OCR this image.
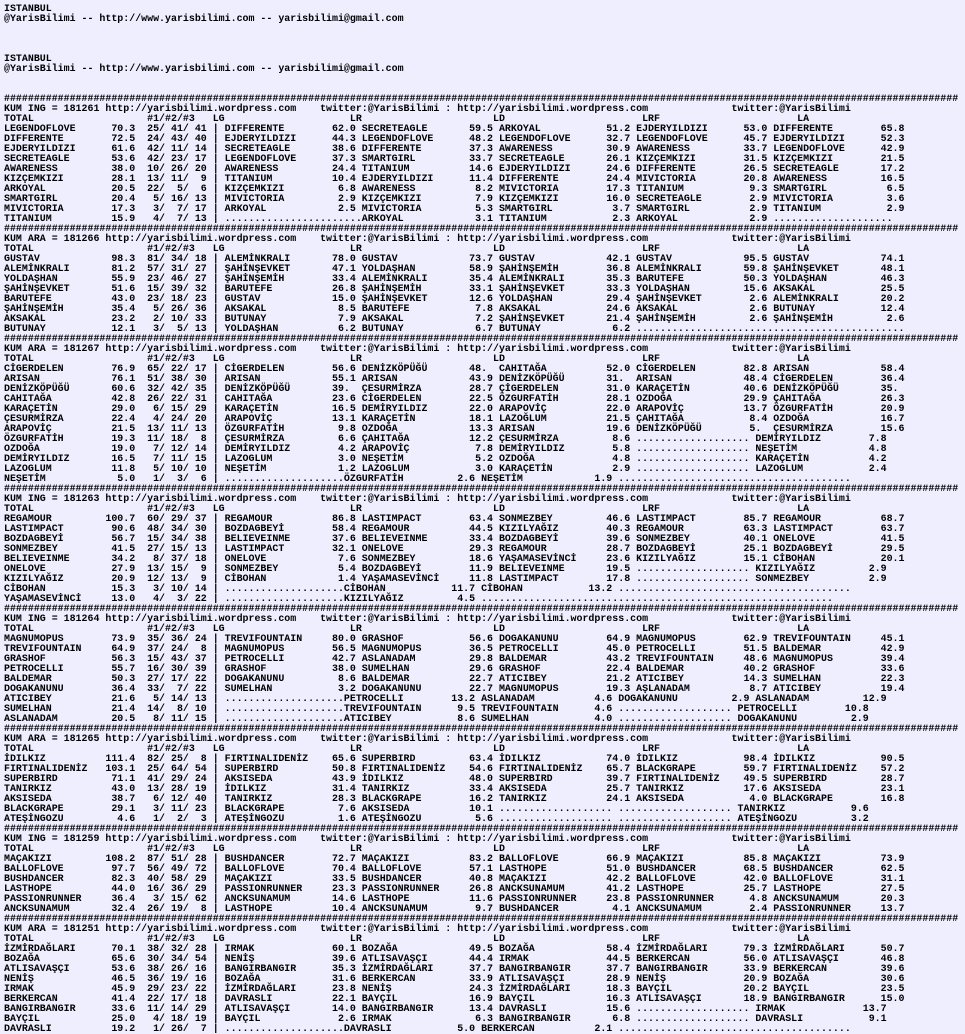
ISTANBUL
@YarisBilimi -- http://www.yarisbilimi.com -- yarisbilimi@gmail.com

ISTANBUL
@YarisBilimi -- http://www.yarisbilimi.com -- yarisbilimi@gmail.com

################################################################################################################################################################
KUM ING = 181261 http://yarisbilimi.wordpress.com    twitter:@YarisBilimi : http://yarisbilimi.wordpress.com              twitter:@YarisBilimi
TOTAL                   #1/#2/#3   LG                     LR                      LD                       LRF                       LA
LEGENDOFLOVE      70.3  25/ 41/ 41 | DIFFERENTE        62.0 SECRETEAGLE       59.5 ARKOYAL           51.2 EJDERYILDIZI      53.0 DIFFERENTE        65.8
DIFFERENTE        72.5  24/ 43/ 40 | EJDERYILDIZI      44.3 LEGENDOFLOVE      48.2 LEGENDOFLOVE      32.7 LEGENDOFLOVE      45.7 EJDERYILDIZI      52.3
EJDERYILDIZI      61.6  42/ 11/ 14 | SECRETEAGLE       38.6 DIFFERENTE        37.3 AWARENESS         30.9 AWARENESS         33.7 LEGENDOFLOVE      42.9
SECRETEAGLE       53.6  42/ 23/ 17 | LEGENDOFLOVE      37.3 SMARTGIRL         33.7 SECRETEAGLE       26.1 KIZÇEMKIZI        31.5 KIZÇEMKIZI        21.5
AWARENESS         38.0  10/ 26/ 20 | AWARENESS         24.4 TITANIUM          14.6 EJDERYILDIZI      24.6 DIFFERENTE        26.5 SECRETEAGLE       17.2
KIZÇEMKIZI        28.1  13/ 11/  9 | TITANIUM          10.4 EJDERYILDIZI      11.4 DIFFERENTE        24.4 MIVICTORIA        20.8 AWARENESS         16.5
ARKOYAL           20.5  22/  5/  6 | KIZÇEMKIZI         6.8 AWARENESS          8.2 MIVICTORIA        17.3 TITANIUM           9.3 SMARTGIRL          6.5
SMARTGIRL         20.4   5/ 16/ 13 | MIVICTORIA         2.9 KIZÇEMKIZI         7.9 KIZÇEMKIZI        16.0 SECRETEAGLE        2.9 MIVICTORIA         3.6
MIVICTORIA        17.3   3/  7/ 17 | ARKOYAL            2.5 MIVICTORIA         5.3 SMARTGIRL          3.7 SMARTGIRL          2.9 TITANIUM           2.9
TITANIUM          15.9   4/  7/ 13 | .......................ARKOYAL            3.1 TITANIUM           2.3 ARKOYAL            2.9 ....................
################################################################################################################################################################
KUM ARA = 181266 http://yarisbilimi.wordpress.com    twitter:@YarisBilimi : http://yarisbilimi.wordpress.com              twitter:@YarisBilimi
TOTAL                   #1/#2/#3   LG                     LR                      LD                       LRF                       LA
GUSTAV            98.3  81/ 34/ 18 | ALEMİNKRALI       78.0 GUSTAV            73.7 GUSTAV            42.1 GUSTAV            95.5 GUSTAV            74.1
ALEMİNKRALI       81.2  57/ 31/ 27 | ŞAHİNŞEVKET       47.1 YOLDAŞHAN         58.9 ŞAHİNŞEMİH        36.8 ALEMİNKRALI       59.8 ŞAHİNŞEVKET       48.1
YOLDAŞHAN         55.9  23/ 46/ 27 | ŞAHİNŞEMİH        33.4 ALEMİNKRALI       35.4 ALEMİNKRALI       35.3 BARUTEFE          50.3 YOLDAŞHAN         46.3
ŞAHİNŞEVKET       51.6  15/ 39/ 32 | BARUTEFE          26.8 ŞAHİNŞEMİH        33.1 ŞAHİNŞEVKET       33.3 YOLDAŞHAN         15.6 AKSAKAL           25.5
BARUTEFE          43.0  23/ 18/ 23 | GUSTAV            15.0 ŞAHİNŞEVKET       12.6 YOLDAŞHAN         29.4 ŞAHİNŞEVKET        2.6 ALEMİNKRALI       20.2
ŞAHİNŞEMİH        35.4   5/ 26/ 36 | AKSAKAL            8.5 BARUTEFE           7.8 AKSAKAL           24.6 AKSAKAL            2.6 BUTUNAY           12.4
AKSAKAL           23.2   2/ 10/ 33 | BUTUNAY            7.9 AKSAKAL            7.2 ŞAHİNŞEVKET       21.4 ŞAHİNŞEMİH         2.6 ŞAHİNŞEMİH         2.6
BUTUNAY           12.1   3/  5/ 13 | YOLDAŞHAN          6.2 BUTUNAY            6.7 BUTUNAY            6.2 .............................................
################################################################################################################################################################
KUM ARA = 181267 http://yarisbilimi.wordpress.com    twitter:@YarisBilimi : http://yarisbilimi.wordpress.com              twitter:@YarisBilimi
TOTAL                   #1/#2/#3   LG                     LR                      LD                       LRF                       LA
CİGERDELEN        76.9  65/ 22/ 17 | CİGERDELEN        56.6 DENİZKÖPÜĞÜ       48.  CAHITAĞA          52.0 CİGERDELEN        82.8 ARISAN            58.4
ARISAN            76.1  51/ 38/ 30 | ARISAN            55.1 ARISAN            43.9 DENİZKÖPÜĞÜ       31.  ARISAN            48.4 CİGERDELEN        36.4
DENİZKÖPÜĞÜ       60.6  32/ 42/ 35 | DENİZKÖPÜĞÜ       39.  ÇESURMİRZA        28.7 ÇİGERDELEN        31.0 KARAÇETİN         40.6 DENİZKÖPÜĞÜ       35.
CAHITAĞA          42.8  26/ 22/ 31 | CAHITAĞA          23.6 CİGERDELEN        22.5 ÖZGURFATİH        28.1 OZDOĞA            29.9 ÇAHITAĞA          26.3
KARAÇETİN         29.0   6/ 15/ 29 | KARAÇETİN         16.5 DEMİRYILDIZ       22.0 ARAPOVİÇ          22.0 ARAPOVİÇ          13.7 ÖZGURFATİH        20.9
ÇESURMİRZA        22.4   4/ 24/ 20 | ARAPOVİÇ          13.1 KARAÇETİN         18.1 LAZOĞLUM          21.5 ÇAHITAĞA           8.4 OZDOĞA            16.7
ARAPOVİÇ          21.5  13/ 11/ 13 | ÖZGURFATİH         9.8 OZDOĞA            13.3 ARISAN            19.6 DENİZKÖPÜĞÜ        5.  ÇESURMİRZA        15.6
ÖZGURFATİH        19.3  11/ 18/  8 | ÇESURMİRZA         6.6 ÇAHITAĞA          12.2 ÇESURMİRZA         8.6 ................... DEMİRYILDIZ        7.8
OZDOĞA            19.0   7/ 12/ 14 | DEMİRYILDIZ        4.2 ARAPOVİÇ           7.8 DEMİRYILDIZ        5.8 ................... NEŞETİM            4.8
DEMİRYILDIZ       16.5   7/ 11/ 15 | LAZOGLUM           3.0 NEŞETİM            5.2 OZDOĞA             4.8 ................... KARAÇETİN          4.2
LAZOGLUM          11.8   5/ 10/ 10 | NEŞETİM            1.2 LAZOGLUM           3.0 KARAÇETİN          2.9 ................... LAZOGLUM           2.4
NEŞETİM            5.0   1/  3/  6 | ....................ÖZGURFATİH         2.6 NEŞETİM            1.9 .......................................
################################################################################################################################################################
KUM ING = 181263 http://yarisbilimi.wordpress.com    twitter:@YarisBilimi : http://yarisbilimi.wordpress.com              twitter:@YarisBilimi
TOTAL                   #1/#2/#3   LG                     LR                      LD                       LRF                       LA
REGAMOUR         100.7  60/ 29/ 37 | REGAMOUR          86.8 LASTIMPACT        63.4 SONMEZBEY         46.6 LASTIMPACT        85.7 REGAMOUR          68.7
LASTIMPACT        90.6  48/ 34/ 30 | BOZDAGBEYİ        58.4 REGAMOUR          44.5 KIZILYAĞIZ        40.3 REGAMOUR          63.3 LASTIMPACT        63.7
BOZDAGBEYİ        56.7  15/ 34/ 38 | BELIEVEINME       37.6 BELIEVEINME       33.4 BOZDAGBEYİ        39.6 SONMEZBEY         40.1 ONELOVE           41.5
SONMEZBEY         41.5  27/ 15/ 13 | LASTIMPACT        32.1 ONELOVE           29.3 REGAMOUR          28.7 BOZDAGBEYİ        25.1 BOZDAGBEYİ        29.5
BELIEVEINME       34.2   8/ 37/ 18 | ONELOVE            7.6 SONMEZBEY         18.6 YAŞAMASEVİNCİ     23.6 KIZILYAĞIZ        15.1 CİBOHAN           20.1
ONELOVE           27.9  13/ 15/  9 | SONMEZBEY          5.4 BOZDAGBEYİ        11.9 BELIEVEINME       19.5 ................... KIZILYAĞIZ         2.9
KIZILYAĞIZ        20.9  12/ 13/  9 | CİBOHAN            1.4 YAŞAMASEVİNCİ     11.8 LASTIMPACT        17.8 ................... SONMEZBEY          2.9
CİBOHAN           15.3   3/ 10/ 14 | ....................CİBOHAN           11.7 CİBOHAN           13.2 .......................................
YAŞAMASEVİNCİ     13.0   4/  3/ 22 | ....................KIZILYAĞIZ         4.5 ...........................................................
################################################################################################################################################################
KUM ING = 181264 http://yarisbilimi.wordpress.com    twitter:@YarisBilimi : http://yarisbilimi.wordpress.com              twitter:@YarisBilimi
TOTAL                   #1/#2/#3   LG                     LR                      LD                       LRF                       LA
MAGNUMOPUS        73.9  35/ 36/ 24 | TREVIFOUNTAIN     80.0 GRASHOF           56.6 DOGAKANUNU        64.9 MAGNUMOPUS        62.9 TREVIFOUNTAIN     45.1
TREVIFOUNTAIN     64.9  37/ 24/  8 | MAGNUMOPUS        56.5 MAGNUMOPUS        36.5 PETROCELLI        45.0 PETROCELLI        51.5 BALDEMAR          42.9
GRASHOF           56.3  15/ 43/ 37 | PETROCELLI        42.7 ASLANADAM         29.8 BALDEMAR          43.2 TREVIFOUNTAIN     48.6 MAGNUMOPUS        39.4
PETROCELLI        55.7  16/ 30/ 39 | GRASHOF           38.0 SUMELHAN          29.6 GRASHOF           22.4 BALDEMAR          40.2 GRASHOF           33.6
BALDEMAR          50.3  27/ 17/ 22 | DOGAKANUNU         8.6 BALDEMAR          22.7 ATICIBEY          21.2 ATICIBEY          14.3 SUMELHAN          22.3
DOGAKANUNU        36.4  33/  7/ 22 | SUMELHAN           3.2 DOGAKANUNU        22.7 MAGNUMOPUS        19.3 AŞLANADAM          8.7 ATICIBEY          19.4
ATICIBEY          21.6   5/ 14/ 13 | ....................PETROCELLI        13.2 ASLANADAM          4.6 DOGAKANUNU         2.9 ASLANADAM         12.9
SUMELHAN          21.4  14/  8/ 10 | ....................TREVIFOUNTAIN      9.5 TREVIFOUNTAIN      4.6 ................... PETROCELLI        10.8
ASLANADAM         20.5   8/ 11/ 15 | ....................ATICIBEY           8.6 SUMELHAN           4.0 ................... DOGAKANUNU         2.9
################################################################################################################################################################
KUM ARA = 181265 http://yarisbilimi.wordpress.com    twitter:@YarisBilimi : http://yarisbilimi.wordpress.com              twitter:@YarisBilimi
TOTAL                   #1/#2/#3   LG                     LR                      LD                       LRF                       LA
İDILKIZ          111.4  82/ 25/  8 | FIRTINALIDENİZ    65.6 SUPERBIRD         63.4 İDILKIZ           74.0 İDILKIZ           98.4 İDILKIZ           90.5
FIRTINALIDENİZ   103.1  25/ 64/ 54 | SUPERBIRD         50.8 FIRTINALIDENİZ    54.6 FIRTINALIDENİZ    65.7 BLACKGRAPE        59.7 FIRTINALIDENİZ    57.2
SUPERBIRD         71.1  41/ 29/ 24 | AKSISEDA          43.9 İDILKIZ           48.0 SUPERBIRD         39.7 FIRTINALIDENİZ    49.5 SUPERBIRD         28.7
TANIRKIZ          43.0  13/ 28/ 19 | İDILKIZ           31.4 TANIRKIZ          33.4 AKSISEDA          25.7 TANIRKIZ          17.6 AKSISEDA          23.1
AKSISEDA          38.7   6/ 12/ 40 | TANIRKIZ          28.3 BLACKGRAPE        16.2 TANIRKIZ          24.1 AKSISEDA           4.0 BLACKGRAPE        16.8
BLACKGRAPE        29.1   3/ 11/ 23 | BLACKGRAPE         7.6 AKSISEDA          10.1 ................... ................... TANIRKIZ           9.6
ATEŞİNGOZU         4.6   1/  2/  3 | ATEŞİNGOZU         1.6 ATEŞİNGOZU         5.6 ................... ................... ATEŞİNGOZU         3.2
################################################################################################################################################################
KUM ING = 181259 http://yarisbilimi.wordpress.com    twitter:@YarisBilimi : http://yarisbilimi.wordpress.com              twitter:@YarisBilimi
TOTAL                   #1/#2/#3   LG                     LR                      LD                       LRF                       LA
MAÇAKIZI         108.2  87/ 51/ 28 | BUSHDANCER        72.7 MAÇAKIZI          83.2 BALLOFLOVE        66.9 MAÇAKIZI          85.8 MAÇAKIZI          73.9
BALLOFLOVE        97.7  56/ 49/ 72 | BALLOFLOVE        70.4 BALLOFLOVE        57.1 LASTHOPE          51.0 BUSHDANCER        68.5 BUSHDANCER        62.5
BUSHDANCER        82.3  40/ 58/ 29 | MAÇAKIZI          33.5 BUSHDANCER        40.8 MAÇAKIZI          42.2 BALLOFLOVE        42.0 BALLOFLOVE        31.1
LASTHOPE          44.0  16/ 36/ 29 | PASSIONRUNNER     23.3 PASSIONRUNNER     26.8 ANCKSUNAMUM       41.2 LASTHOPE          25.7 LASTHOPE          27.5
PASSIONRUNNER     36.4   3/ 15/ 62 | ANCKSUNAMUM       14.6 LASTHOPE          11.6 PASSIONRUNNER     23.8 PASSIONRUNNER      4.8 ANCKSUNAMUM       20.3
ANCKSUNAMUM       32.4  26/ 19/  8 | LASTHOPE          10.4 ANCKSUNAMUM        9.7 BUSHDANCER         4.1 ANCKSUNAMUM        2.4 PASSIONRUNNER     13.7
################################################################################################################################################################
KUM ARA = 181251 http://yarisbilimi.wordpress.com    twitter:@YarisBilimi : http://yarisbilimi.wordpress.com              twitter:@YarisBilimi
TOTAL                   #1/#2/#3   LG                     LR                      LD                       LRF                       LA
İZMİRDAĞLARI      70.1  38/ 32/ 28 | IRMAK             60.1 BOZAĞA            49.5 BOZAĞA            58.4 İZMİRDAĞLARI      79.3 İZMİRDAĞLARI      50.7
BOZAĞA            65.6  30/ 34/ 54 | NENİŞ             39.6 ATLISAVAŞÇI       44.4 IRMAK             44.5 BERKERCAN         56.0 ATLISAVAŞÇI       46.8
ATLISAVAŞÇI       53.6  38/ 26/ 16 | BANGIRBANGIR      35.3 İZMİRDAĞLARI      37.7 BANGIRBANGIR      37.7 BANGIRBANGIR      33.9 BERKERCAN         39.6
NENİŞ             46.5  36/ 19/ 16 | BOZAĞA            31.6 BERKERCAN         33.9 ATLISAVAŞÇI       28.9 NENİŞ             20.9 BOZAĞA            30.6
IRMAK             45.9  29/ 23/ 22 | İZMİRDAĞLARI      23.8 NENİŞ             24.3 İZMİRDAĞLARI      18.3 BAYÇIL            20.2 BAYÇIL            23.5
BERKERCAN         41.4  22/ 17/ 18 | DAVRASLI          22.1 BAYÇIL            16.9 BAYÇIL            16.3 ATLISAVAŞÇI       18.9 BANGIRBANGIR      15.0
BANGIRBANGIR      33.6  11/ 14/ 29 | ATLISAVAŞÇI       14.0 BANGIRBANGIR      13.4 DAVRASLI          15.6 ................... IRMAK             13.7
BAYÇIL            25.0   4/ 18/ 19 | BAYÇIL             2.6 IRMAK              6.3 BANGIRBANGIR       6.8 ................... DAVRASLI           9.1
DAVRASLI          19.2   1/ 26/  7 | ....................DAVRASLI           5.0 BERKERCAN          2.1 .......................................
